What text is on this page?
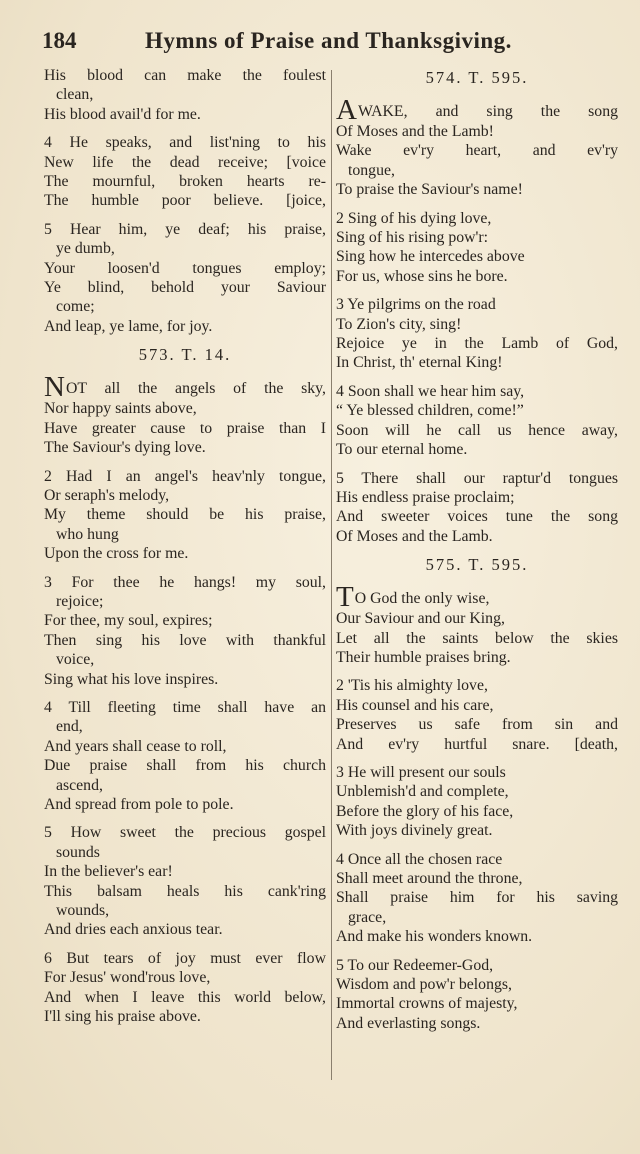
184	Hymns of Praise and Thanksgiving.
His blood can make the foulest
clean,
His blood avail'd for me.
4 He speaks, and list'ning to his
New life the dead receive; [voice
The mournful, broken hearts re-
The humble poor believe. [joice,
5 Hear him, ye deaf; his praise,
ye dumb,
Your loosen'd tongues employ;
Ye blind, behold your Saviour
come;
And leap, ye lame, for joy.
573. T. 14.
NOT all the angels of the sky,
Nor happy saints above,
Have greater cause to praise than I
The Saviour's dying love.
2 Had I an angel's heav'nly tongue,
Or seraph's melody,
My theme should be his praise,
who hung
Upon the cross for me.
3 For thee he hangs! my soul,
rejoice;
For thee, my soul, expires;
Then sing his love with thankful
voice,
Sing what his love inspires.
4 Till fleeting time shall have an
end,
And years shall cease to roll,
Due praise shall from his church
ascend,
And spread from pole to pole.
5 How sweet the precious gospel
sounds
In the believer's ear!
This balsam heals his cank'ring
wounds,
And dries each anxious tear.
6 But tears of joy must ever flow
For Jesus' wond'rous love,
And when I leave this world below,
I'll sing his praise above.
574. T. 595.
AWAKE, and sing the song
Of Moses and the Lamb!
Wake ev'ry heart, and ev'ry
tongue,
To praise the Saviour's name!
2 Sing of his dying love,
Sing of his rising pow'r:
Sing how he intercedes above
For us, whose sins he bore.
3 Ye pilgrims on the road
To Zion's city, sing!
Rejoice ye in the Lamb of God,
In Christ, th' eternal King!
4 Soon shall we hear him say,
“ Ye blessed children, come!”
Soon will he call us hence away,
To our eternal home.
5 There shall our raptur'd tongues
His endless praise proclaim;
And sweeter voices tune the song
Of Moses and the Lamb.
575. T. 595.
TO God the only wise,
Our Saviour and our King,
Let all the saints below the skies
Their humble praises bring.
2 'Tis his almighty love,
His counsel and his care,
Preserves us safe from sin and
And ev'ry hurtful snare. [death,
3 He will present our souls
Unblemish'd and complete,
Before the glory of his face,
With joys divinely great.
4 Once all the chosen race
Shall meet around the throne,
Shall praise him for his saving
grace,
And make his wonders known.
5 To our Redeemer-God,
Wisdom and pow'r belongs,
Immortal crowns of majesty,
And everlasting songs.
